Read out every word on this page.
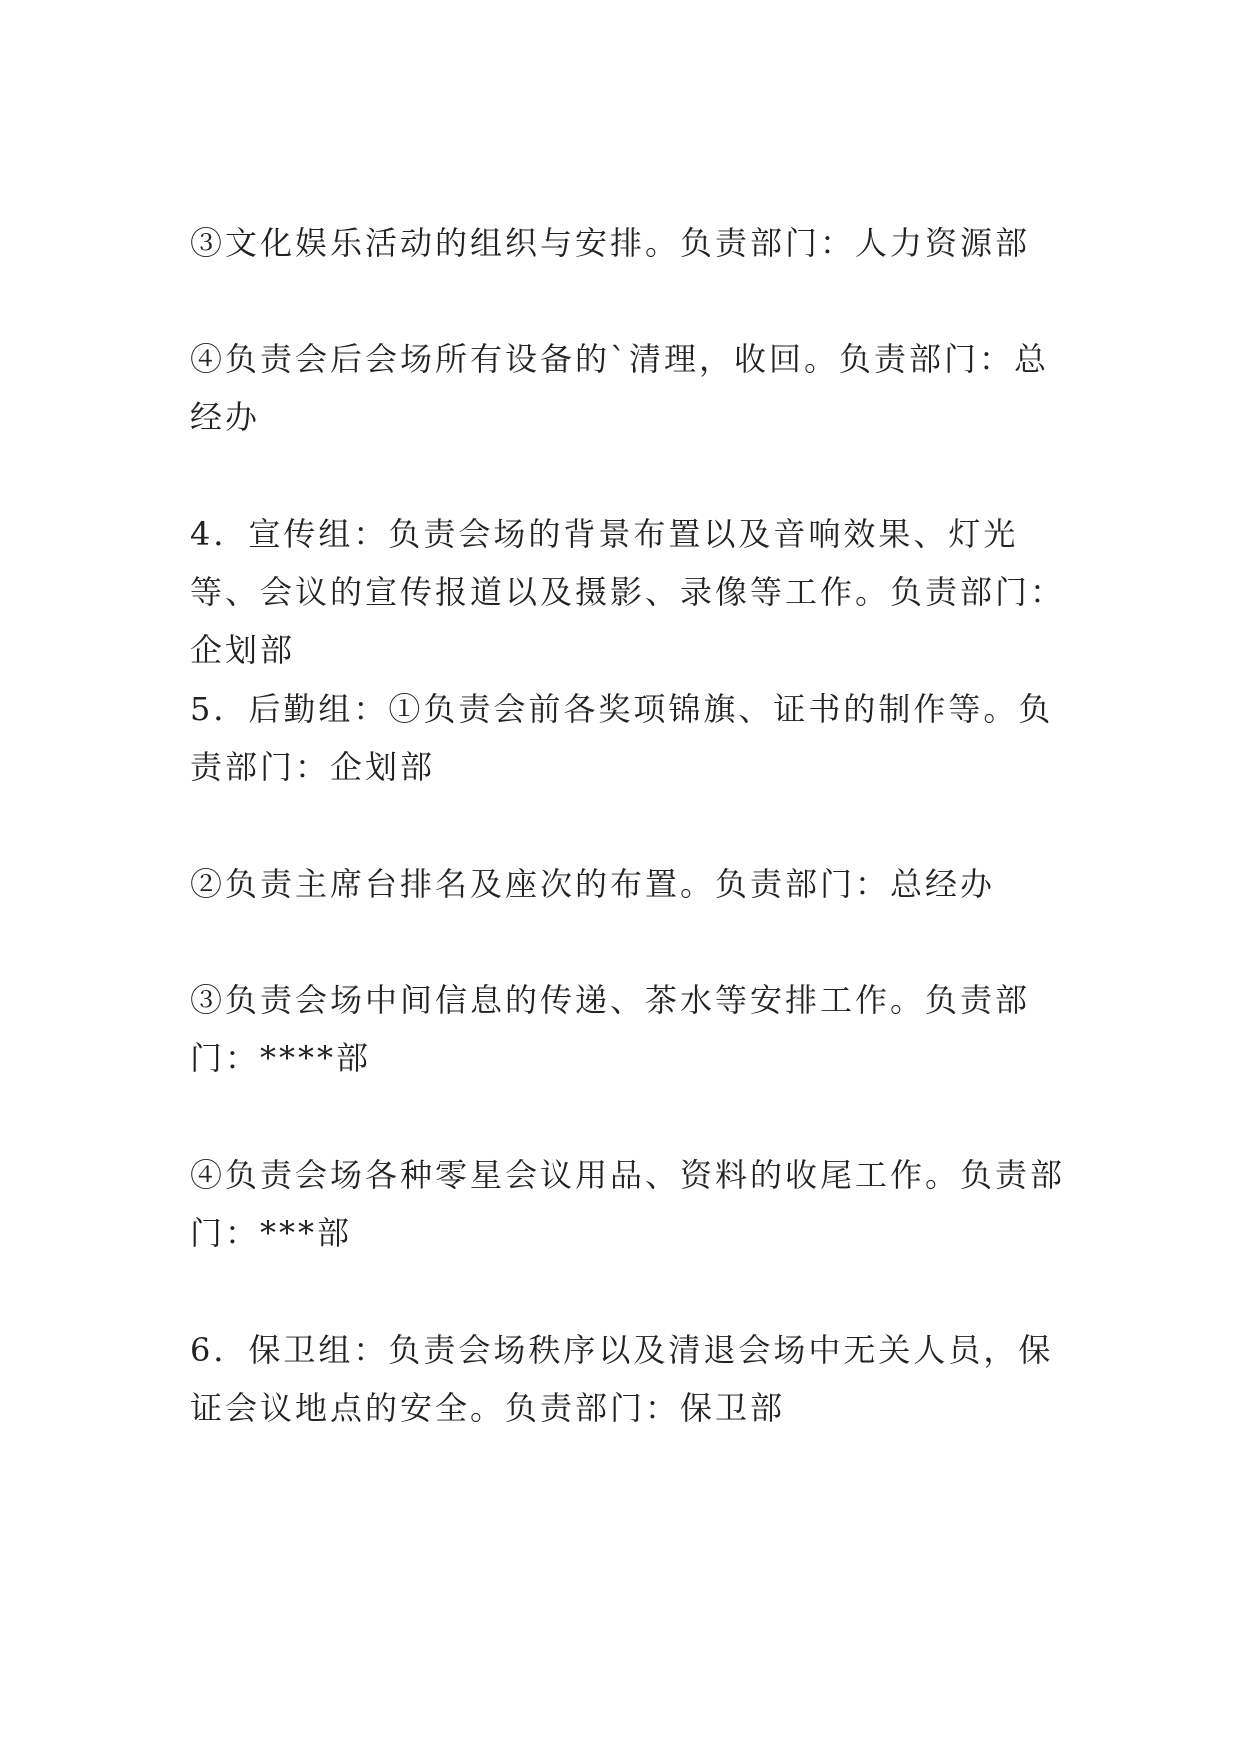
③文化娱乐活动的组织与安排。负责部门：人力资源部

④负责会后会场所有设备的`清理，收回。负责部门：总经办

4．宣传组：负责会场的背景布置以及音响效果、灯光等、会议的宣传报道以及摄影、录像等工作。负责部门：企划部

5．后勤组：①负责会前各奖项锦旗、证书的制作等。负责部门：企划部

②负责主席台排名及座次的布置。负责部门：总经办

③负责会场中间信息的传递、茶水等安排工作。负责部门：****部

④负责会场各种零星会议用品、资料的收尾工作。负责部门：***部

6．保卫组：负责会场秩序以及清退会场中无关人员，保证会议地点的安全。负责部门：保卫部
